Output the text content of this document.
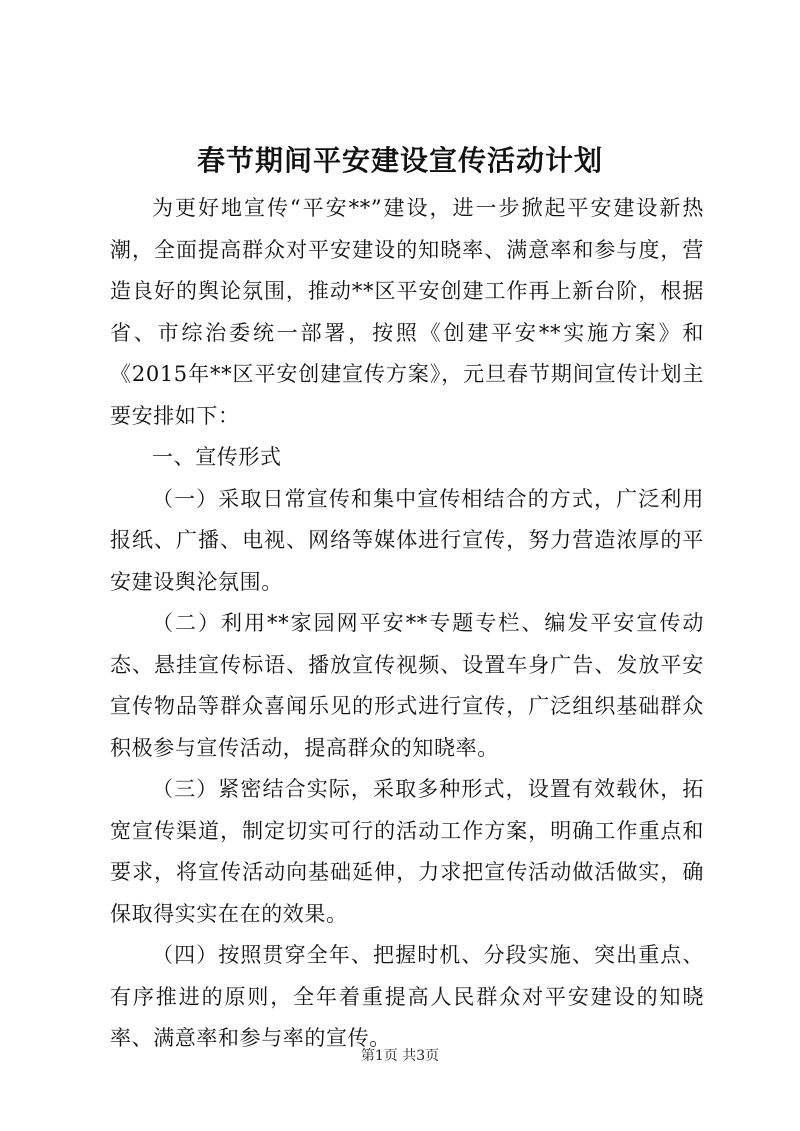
春节期间平安建设宣传活动计划

为更好地宣传“平安**”建设，进一步掀起平安建设新热潮，全面提高群众对平安建设的知晓率、满意率和参与度，营造良好的舆论氛围，推动**区平安创建工作再上新台阶，根据省、市综治委统一部署，按照《创建平安**实施方案》和《2015年**区平安创建宣传方案》，元旦春节期间宣传计划主要安排如下：

一、宣传形式

（一）采取日常宣传和集中宣传相结合的方式，广泛利用报纸、广播、电视、网络等媒体进行宣传，努力营造浓厚的平安建设舆沦氛围。

（二）利用**家园网平安**专题专栏、编发平安宣传动态、悬挂宣传标语、播放宣传视频、设置车身广告、发放平安宣传物品等群众喜闻乐见的形式进行宣传，广泛组织基础群众积极参与宣传活动，提高群众的知晓率。

（三）紧密结合实际，采取多种形式，设置有效载休，拓宽宣传渠道，制定切实可行的活动工作方案，明确工作重点和要求，将宣传活动向基础延伸，力求把宣传活动做活做实，确保取得实实在在的效果。

（四）按照贯穿全年、把握时机、分段实施、突出重点、有序推进的原则，全年着重提高人民群众对平安建设的知晓率、满意率和参与率的宣传。

第1页 共3页
